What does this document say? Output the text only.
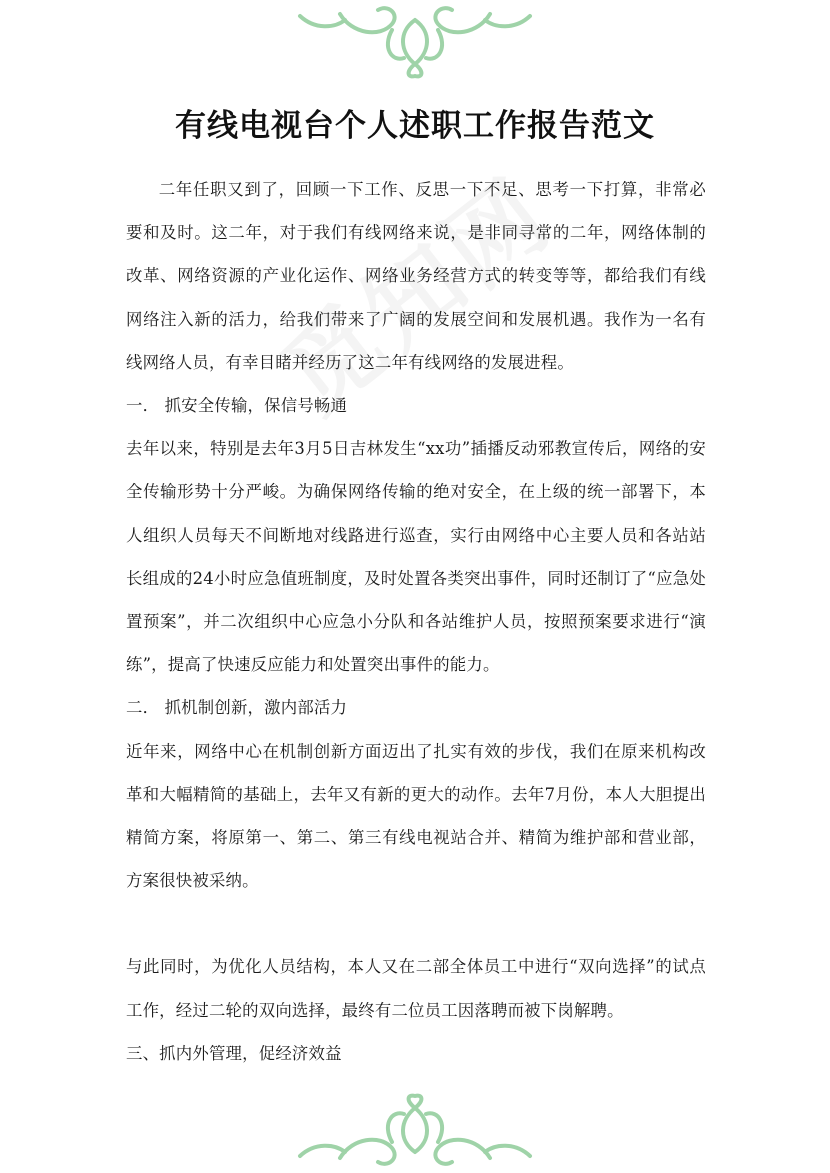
有线电视台个人述职工作报告范文

二年任职又到了，回顾一下工作、反思一下不足、思考一下打算，非常必要和及时。这二年，对于我们有线网络来说，是非同寻常的二年，网络体制的改革、网络资源的产业化运作、网络业务经营方式的转变等等，都给我们有线网络注入新的活力，给我们带来了广阔的发展空间和发展机遇。我作为一名有线网络人员，有幸目睹并经历了这二年有线网络的发展进程。

一． 抓安全传输，保信号畅通

去年以来，特别是去年3月5日吉林发生“xx功”插播反动邪教宣传后，网络的安全传输形势十分严峻。为确保网络传输的绝对安全，在上级的统一部署下，本人组织人员每天不间断地对线路进行巡查，实行由网络中心主要人员和各站站长组成的24小时应急值班制度，及时处置各类突出事件，同时还制订了“应急处置预案”，并二次组织中心应急小分队和各站维护人员，按照预案要求进行“演练”，提高了快速反应能力和处置突出事件的能力。

二． 抓机制创新，激内部活力

近年来，网络中心在机制创新方面迈出了扎实有效的步伐，我们在原来机构改革和大幅精简的基础上，去年又有新的更大的动作。去年7月份，本人大胆提出精简方案，将原第一、第二、第三有线电视站合并、精简为维护部和营业部，方案很快被采纳。

与此同时，为优化人员结构，本人又在二部全体员工中进行“双向选择”的试点工作，经过二轮的双向选择，最终有二位员工因落聘而被下岗解聘。

三、抓内外管理，促经济效益
